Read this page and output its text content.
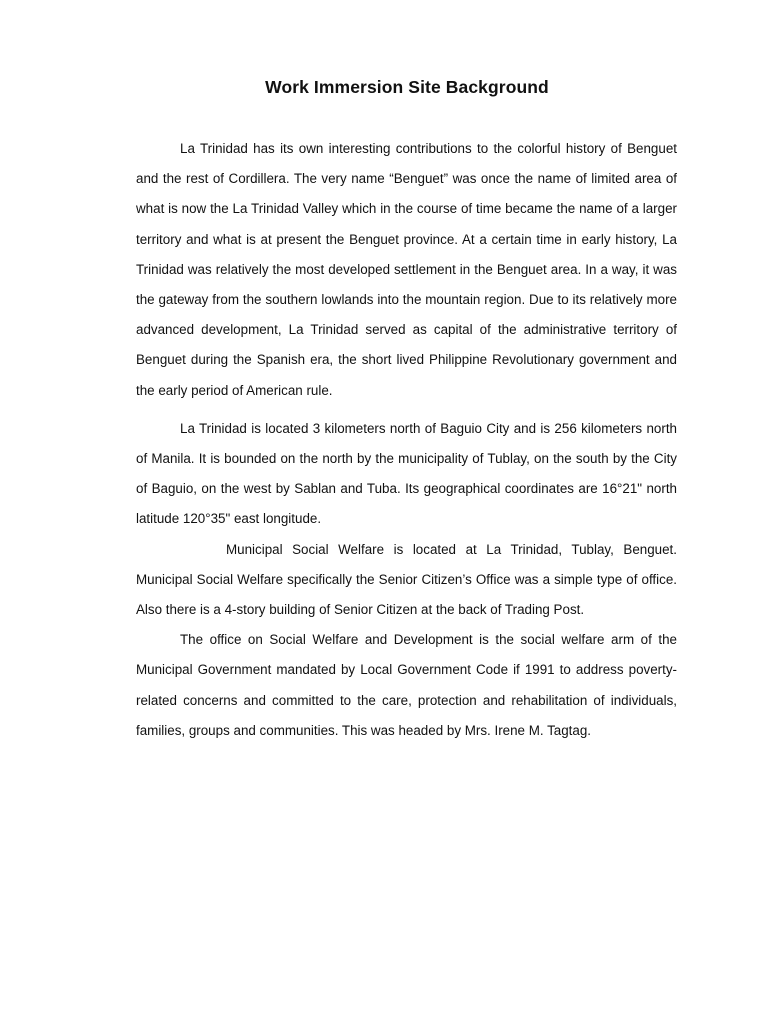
Work Immersion Site Background

La Trinidad has its own interesting contributions to the colorful history of Benguet and the rest of Cordillera. The very name “Benguet” was once the name of limited area of what is now the La Trinidad Valley which in the course of time became the name of a larger territory and what is at present the Benguet province. At a certain time in early history, La Trinidad was relatively the most developed settlement in the Benguet area. In a way, it was the gateway from the southern lowlands into the mountain region. Due to its relatively more advanced development, La Trinidad served as capital of the administrative territory of Benguet during the Spanish era, the short lived Philippine Revolutionary government and the early period of American rule.

La Trinidad is located 3 kilometers north of Baguio City and is 256 kilometers north of Manila. It is bounded on the north by the municipality of Tublay, on the south by the City of Baguio, on the west by Sablan and Tuba. Its geographical coordinates are 16°21" north latitude 120°35" east longitude.

Municipal Social Welfare is located at La Trinidad, Tublay, Benguet. Municipal Social Welfare specifically the Senior Citizen’s Office was a simple type of office. Also there is a 4-story building of Senior Citizen at the back of Trading Post.

The office on Social Welfare and Development is the social welfare arm of the Municipal Government mandated by Local Government Code if 1991 to address poverty-related concerns and committed to the care, protection and rehabilitation of individuals, families, groups and communities. This was headed by Mrs. Irene M. Tagtag.
